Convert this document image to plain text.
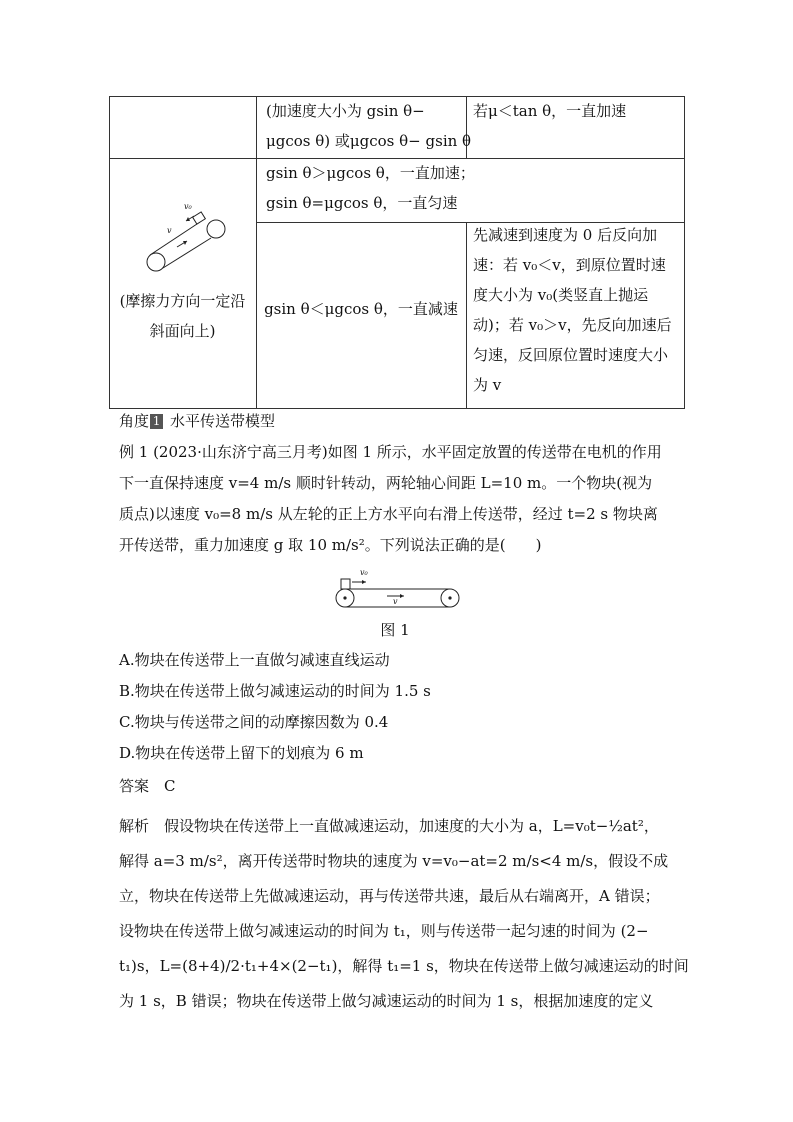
(加速度大小为 gsin θ−
μgcos θ) 或μgcos θ− gsin θ
若μ＜tan θ，一直加速
v₀
v
(摩擦力方向一定沿
斜面向上)
gsin θ＞μgcos θ，一直加速；
gsin θ=μgcos θ，一直匀速
gsin θ＜μgcos θ，一直减速
先减速到速度为 0 后反向加
速：若 v₀＜v，到原位置时速
度大小为 v₀(类竖直上抛运
动)；若 v₀＞v，先反向加速后
匀速，反回原位置时速度大小
为 v
角度 1 水平传送带模型
例 1 (2023·山东济宁高三月考)如图 1 所示，水平固定放置的传送带在电机的作用
下一直保持速度 v=4 m/s 顺时针转动，两轮轴心间距 L=10 m。一个物块(视为
质点)以速度 v₀=8 m/s 从左轮的正上方水平向右滑上传送带，经过 t=2 s 物块离
开传送带，重力加速度 g 取 10 m/s²。下列说法正确的是(　　)
v₀
v
图 1
A.物块在传送带上一直做匀减速直线运动
B.物块在传送带上做匀减速运动的时间为 1.5 s
C.物块与传送带之间的动摩擦因数为 0.4
D.物块在传送带上留下的划痕为 6 m
答案　C
解析　假设物块在传送带上一直做减速运动，加速度的大小为 a，L=v₀t−½at²，
解得 a=3 m/s²，离开传送带时物块的速度为 v=v₀−at=2 m/s<4 m/s，假设不成
立，物块在传送带上先做减速运动，再与传送带共速，最后从右端离开，A 错误；
设物块在传送带上做匀减速运动的时间为 t₁，则与传送带一起匀速的时间为 (2−
t₁)s，L=(8+4)/2·t₁+4×(2−t₁)，解得 t₁=1 s，物块在传送带上做匀减速运动的时间
为 1 s，B 错误；物块在传送带上做匀减速运动的时间为 1 s，根据加速度的定义
